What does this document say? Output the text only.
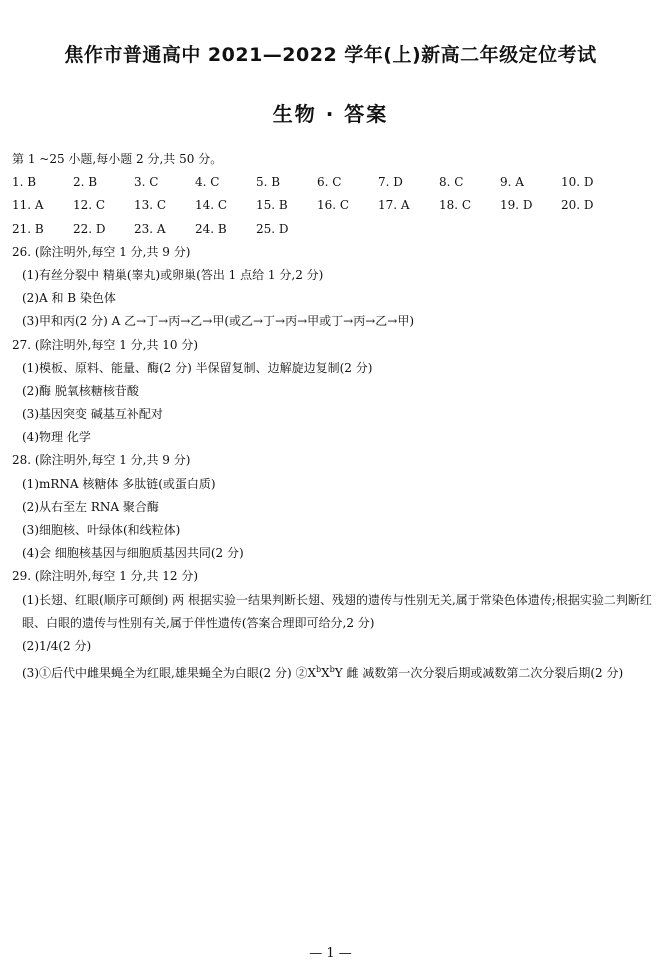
焦作市普通高中 2021—2022 学年(上)新高二年级定位考试
生物 · 答案
第 1 ~25 小题,每小题 2 分,共 50 分。
1. B	2. B	3. C	4. C	5. B	6. C	7. D	8. C	9. A	10. D
11. A	12. C	13. C	14. C	15. B	16. C	17. A	18. C	19. D	20. D
21. B	22. D	23. A	24. B	25. D
26. (除注明外,每空 1 分,共 9 分)
(1)有丝分裂中 精巢(睾丸)或卵巢(答出 1 点给 1 分,2 分)
(2)A 和 B 染色体
(3)甲和丙(2 分) A 乙→丁→丙→乙→甲(或乙→丁→丙→甲或丁→丙→乙→甲)
27. (除注明外,每空 1 分,共 10 分)
(1)模板、原料、能量、酶(2 分) 半保留复制、边解旋边复制(2 分)
(2)酶 脱氧核糖核苷酸
(3)基因突变 碱基互补配对
(4)物理 化学
28. (除注明外,每空 1 分,共 9 分)
(1)mRNA 核糖体 多肽链(或蛋白质)
(2)从右至左 RNA 聚合酶
(3)细胞核、叶绿体(和线粒体)
(4)会 细胞核基因与细胞质基因共同(2 分)
29. (除注明外,每空 1 分,共 12 分)
(1)长翅、红眼(顺序可颠倒) 两 根据实验一结果判断长翅、残翅的遗传与性别无关,属于常染色体遗传;根据实验二判断红眼、白眼的遗传与性别有关,属于伴性遗传(答案合理即可给分,2 分)
(2)1/4(2 分)
(3)①后代中雌果蝇全为红眼,雄果蝇全为白眼(2 分) $②X^bX^bY$ 雌 减数第一次分裂后期或减数第二次分裂后期(2 分)
— 1 —
